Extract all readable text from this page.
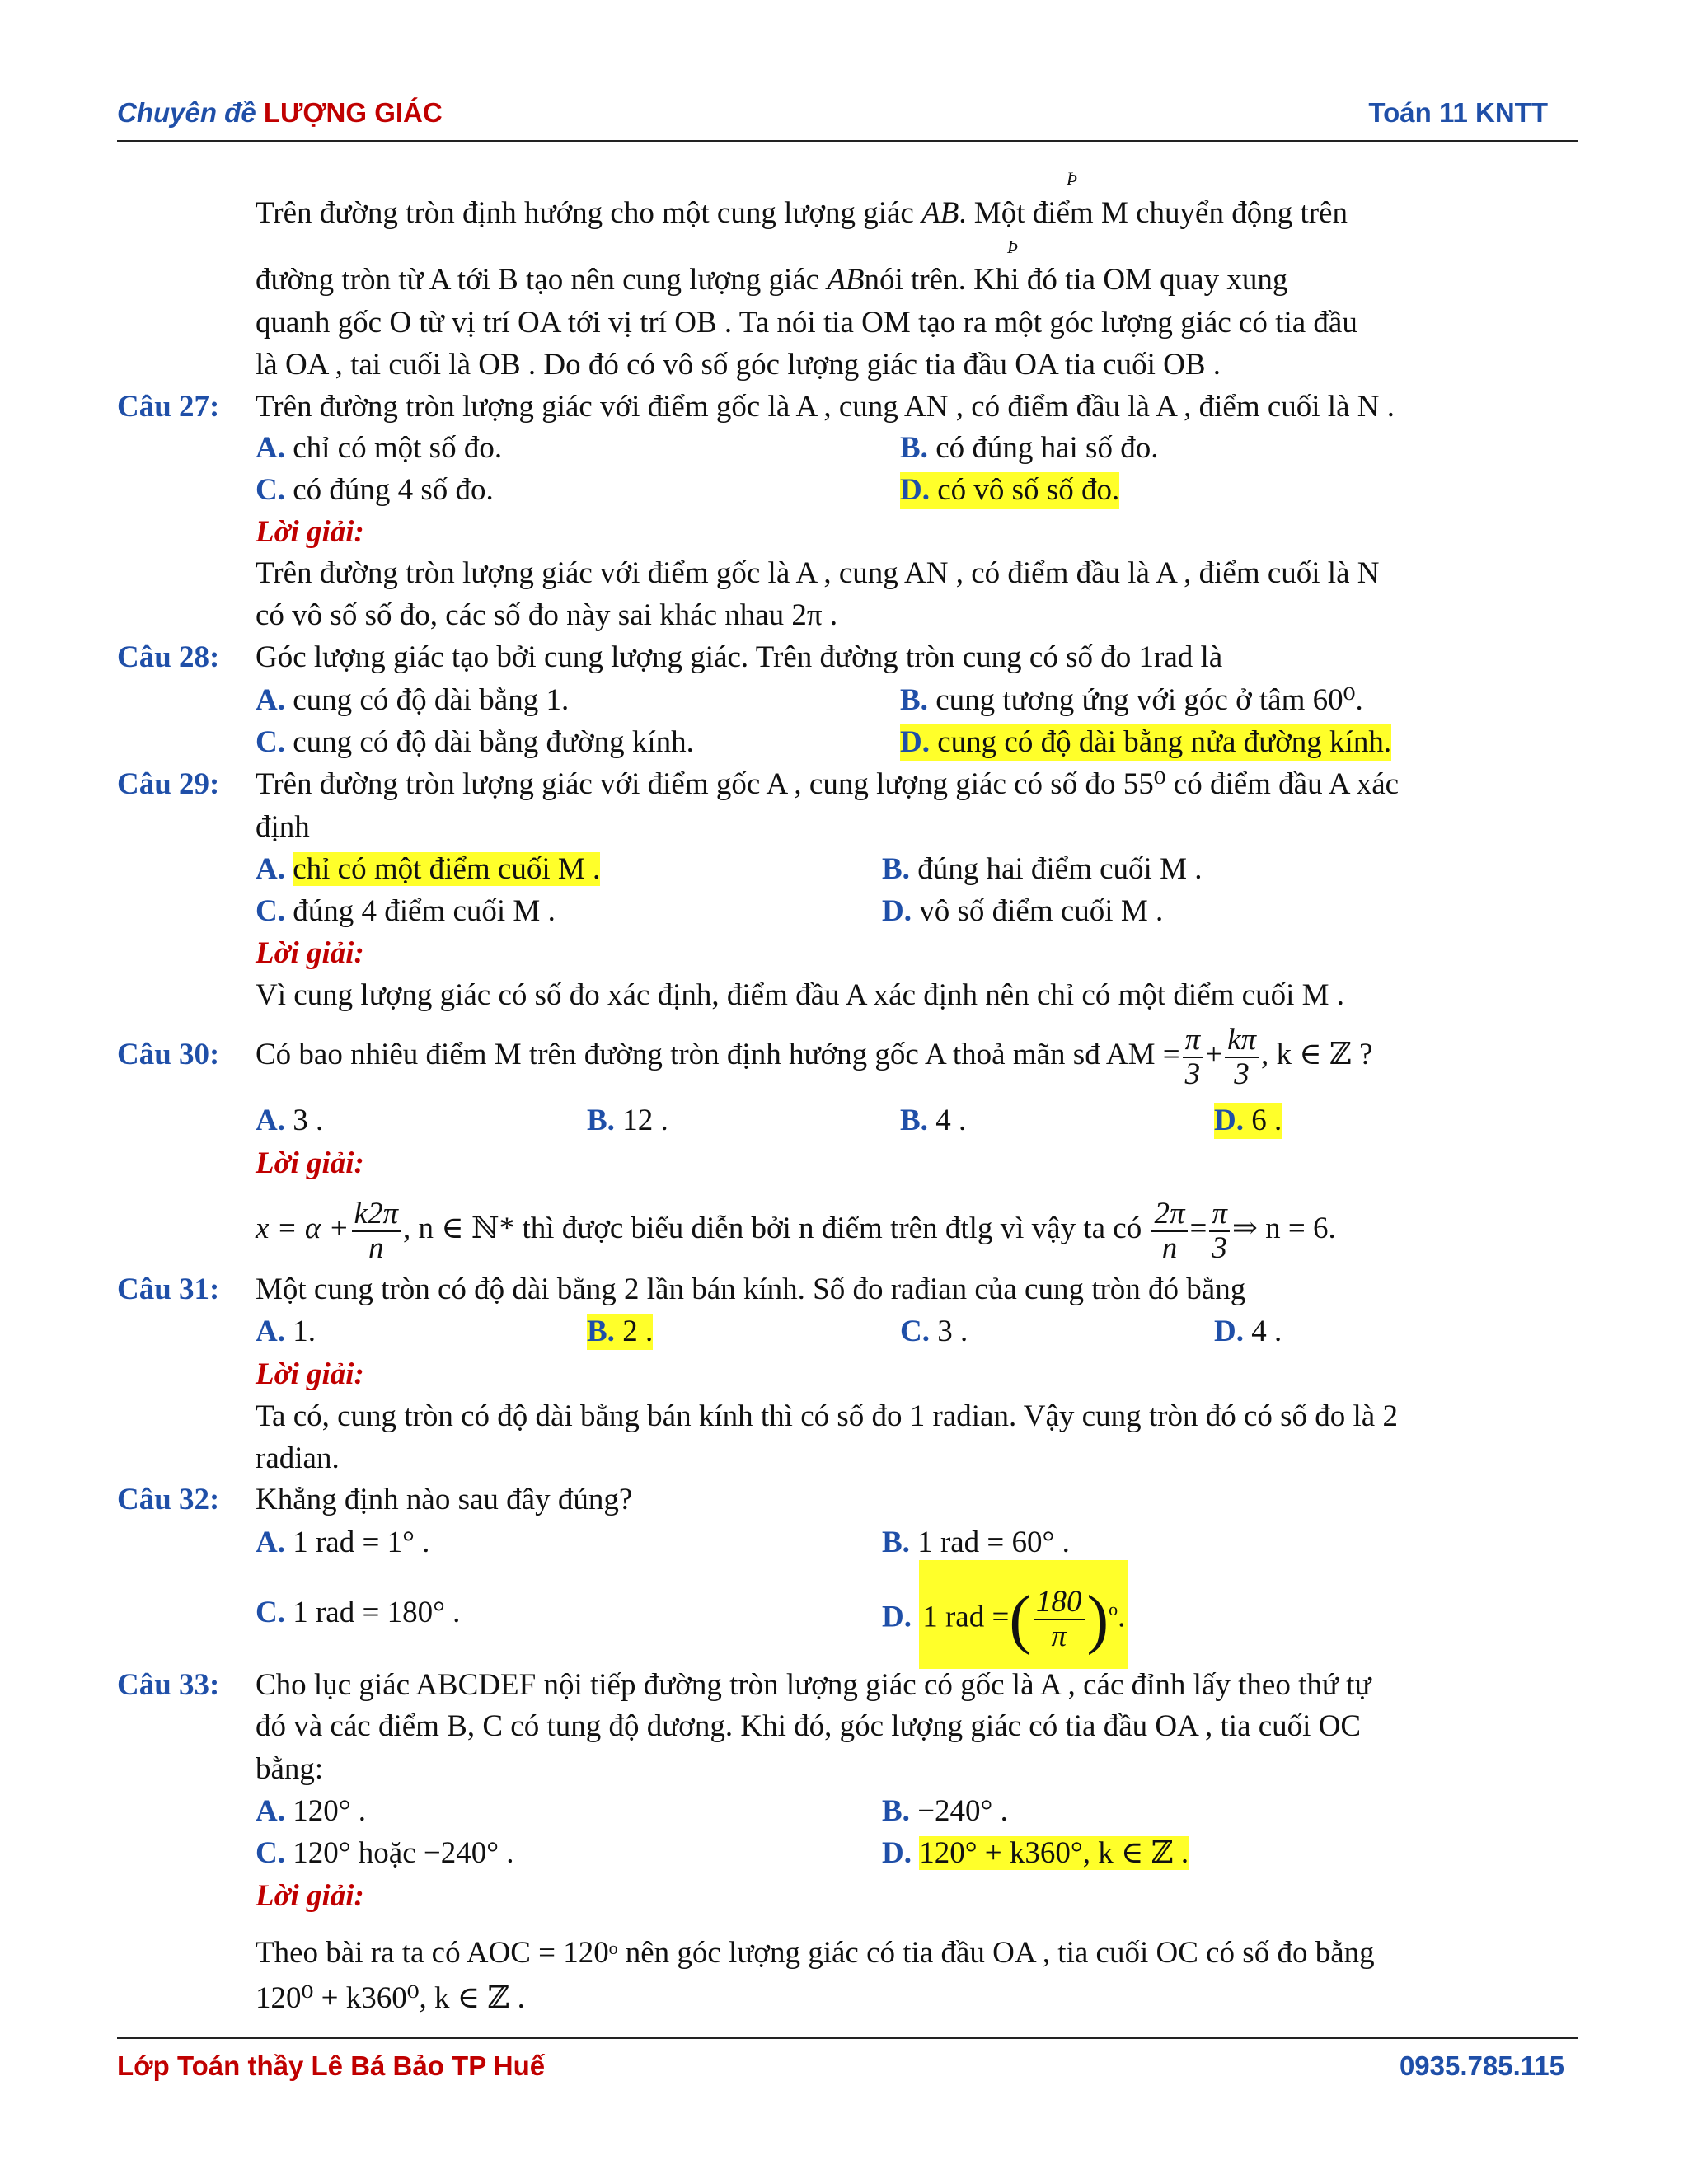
Chuyên đề LƯỢNG GIÁC	Toán 11 KNTT
Þ
Trên đường tròn định hướng cho một cung lượng giác AB. Một điểm M chuyển động trên
Þ
đường tròn từ A tới B tạo nên cung lượng giác ABnói trên. Khi đó tia OM quay xung
quanh gốc O từ vị trí OA tới vị trí OB . Ta nói tia OM tạo ra một góc lượng giác có tia đầu
là OA , tai cuối là OB . Do đó có vô số góc lượng giác tia đầu OA tia cuối OB .
Câu 27: Trên đường tròn lượng giác với điểm gốc là A , cung AN , có điểm đầu là A , điểm cuối là N .
A. chỉ có một số đo.	B. có đúng hai số đo.
C. có đúng 4 số đo.	D. có vô số số đo.
Lời giải:
Trên đường tròn lượng giác với điểm gốc là A , cung AN , có điểm đầu là A , điểm cuối là N
có vô số số đo, các số đo này sai khác nhau 2π .
Câu 28: Góc lượng giác tạo bởi cung lượng giác. Trên đường tròn cung có số đo 1rad là
A. cung có độ dài bằng 1.	B. cung tương ứng với góc ở tâm 60⁰.
C. cung có độ dài bằng đường kính.	D. cung có độ dài bằng nửa đường kính.
Câu 29: Trên đường tròn lượng giác với điểm gốc A , cung lượng giác có số đo 55⁰ có điểm đầu A xác
định
A. chỉ có một điểm cuối M .	B. đúng hai điểm cuối M .
C. đúng 4 điểm cuối M .	D. vô số điểm cuối M .
Lời giải:
Vì cung lượng giác có số đo xác định, điểm đầu A xác định nên chỉ có một điểm cuối M .
Câu 30: Có bao nhiêu điểm M trên đường tròn định hướng gốc A thoả mãn sđ AM = $\frac{\pi}{3} + \frac{k\pi}{3}$ , k ∈ ℤ ?
A. 3 .	B. 12 .	B. 4 .	D. 6 .
Lời giải:
$x = \alpha + \frac{k2\pi}{n}$ , n ∈ ℕ* thì được biểu diễn bởi n điểm trên đtlg vì vậy ta có $\frac{2\pi}{n} = \frac{\pi}{3}$ ⇒ n = 6.
Câu 31: Một cung tròn có độ dài bằng 2 lần bán kính. Số đo rađian của cung tròn đó bằng
A. 1.	B. 2 .	C. 3 .	D. 4 .
Lời giải:
Ta có, cung tròn có độ dài bằng bán kính thì có số đo 1 radian. Vậy cung tròn đó có số đo là 2
radian.
Câu 32: Khẳng định nào sau đây đúng?
A. 1 rad = 1° .	B. 1 rad = 60° .
C. 1 rad = 180° .	D. 1 rad =( $\frac{180}{\pi} )^o$.
Câu 33: Cho lục giác ABCDEF nội tiếp đường tròn lượng giác có gốc là A , các đỉnh lấy theo thứ tự
đó và các điểm B, C có tung độ dương. Khi đó, góc lượng giác có tia đầu OA , tia cuối OC
bằng:
A. 120° .	B. −240° .
C. 120° hoặc −240° .	D. 120° + k360°, k ∈ ℤ .
Lời giải:
Theo bài ra ta có AOC = 120ᵒ nên góc lượng giác có tia đầu OA , tia cuối OC có số đo bằng
120⁰ + k360⁰, k ∈ ℤ .
Lớp Toán thầy Lê Bá Bảo TP Huế	0935.785.115
